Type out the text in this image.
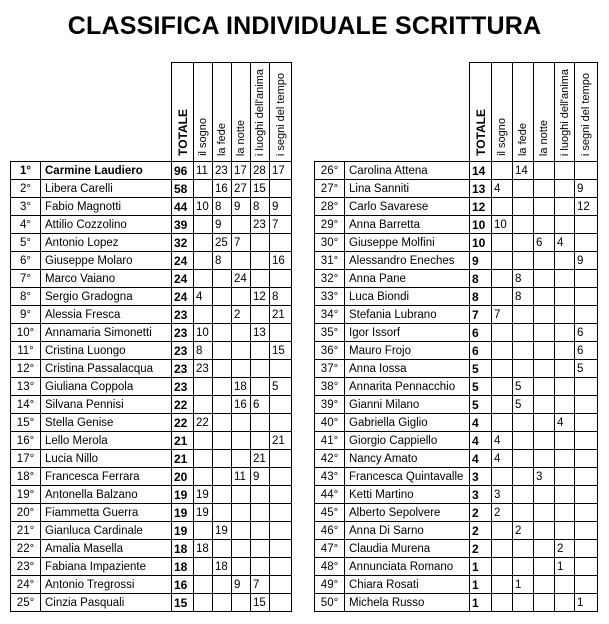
CLASSIFICA INDIVIDUALE SCRITTURA
		TOTALE	il sogno	la fede	la notte	i luoghi dell'anima	i segni del tempo
1°	Carmine Laudiero	96	11	23	17	28	17
2°	Libera Carelli	58		16	27	15	
3°	Fabio Magnotti	44	10	8	9	8	9
4°	Attilio Cozzolino	39		9		23	7
5°	Antonio Lopez	32		25	7		
6°	Giuseppe Molaro	24		8			16
7°	Marco Vaiano	24			24		
8°	Sergio Gradogna	24	4			12	8
9°	Alessia Fresca	23			2		21
10°	Annamaria Simonetti	23	10			13	
11°	Cristina Luongo	23	8				15
12°	Cristina Passalacqua	23	23				
13°	Giuliana Coppola	23			18		5
14°	Silvana Pennisi	22			16	6	
15°	Stella Genise	22	22				
16°	Lello Merola	21					21
17°	Lucia Nillo	21				21	
18°	Francesca Ferrara	20			11	9	
19°	Antonella Balzano	19	19				
20°	Fiammetta Guerra	19	19				
21°	Gianluca Cardinale	19		19			
22°	Amalia Masella	18	18				
23°	Fabiana Impaziente	18		18			
24°	Antonio Tregrossi	16			9	7	
25°	Cinzia Pasquali	15				15	
		TOTALE	il sogno	la fede	la notte	i luoghi dell'anima	i segni del tempo
26°	Carolina Attena	14		14			
27°	Lina Sanniti	13	4				9
28°	Carlo Savarese	12					12
29°	Anna Barretta	10	10				
30°	Giuseppe Molfini	10			6	4	
31°	Alessandro Eneches	9					9
32°	Anna Pane	8		8			
33°	Luca Biondi	8		8			
34°	Stefania Lubrano	7	7				
35°	Igor Issorf	6					6
36°	Mauro Frojo	6					6
37°	Anna Iossa	5					5
38°	Annarita Pennacchio	5		5			
39°	Gianni Milano	5		5			
40°	Gabriella Giglio	4				4	
41°	Giorgio Cappiello	4	4				
42°	Nancy Amato	4	4				
43°	Francesca Quintavalle	3			3		
44°	Ketti Martino	3	3				
45°	Alberto Sepolvere	2	2				
46°	Anna Di Sarno	2		2			
47°	Claudia Murena	2				2	
48°	Annunciata Romano	1				1	
49°	Chiara Rosati	1		1			
50°	Michela Russo	1					1
